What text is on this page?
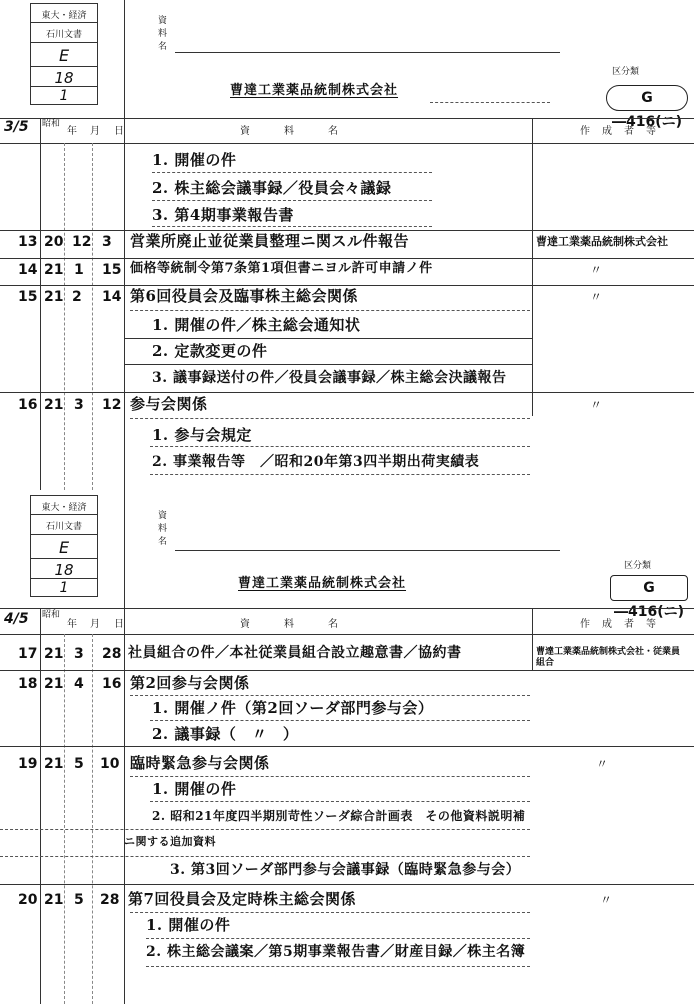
東大・経済
石川文書
E
18
1
資
料
名
曹達工業薬品統制株式会社
区分類
G ―416(ニ)
3/5 昭和
年 月 日	資　料　名	作　成　者　等
1. 開催の件
2. 株主総会議事録／役員会々議録
3. 第4期事業報告書
13 20 12 3 営業所廃止並従業員整理ニ関スル件報告	曹達工業薬品統制株式会社
14 21 1 15 価格等統制令第7条第1項但書ニヨル許可申請ノ件	〃
15 21 2 14 第6回役員会及臨事株主総会関係	〃
1. 開催の件／株主総会通知状
2. 定款変更の件
3. 議事録送付の件／役員会議事録／株主総会決議報告
16 21 3 12 参与会関係	〃
1. 参与会規定
2. 事業報告等　／昭和20年第3四半期出荷実績表
東大・経済
石川文書
E
18
1
資
料
名
曹達工業薬品統制株式会社
区分類
G ―416(ニ)
4/5 昭和
年 月 日	資　料　名	作　成　者　等
17 21 3 28 社員組合の件／本社従業員組合設立趣意書／協約書	曹達工業薬品統制株式会社・従業員組合
18 21 4 16 第2回参与会関係
1. 開催ノ件（第2回ソーダ部門参与会）
2. 議事録（　〃　）
19 21 5 10 臨時緊急参与会関係	〃
1. 開催の件
2. 昭和21年度四半期別苛性ソーダ綜合計画表　その他資料説明補
ニ関する追加資料
3. 第3回ソーダ部門参与会議事録（臨時緊急参与会）
20 21 5 28 第7回役員会及定時株主総会関係	〃
1. 開催の件
2. 株主総会議案／第5期事業報告書／財産目録／株主名簿
